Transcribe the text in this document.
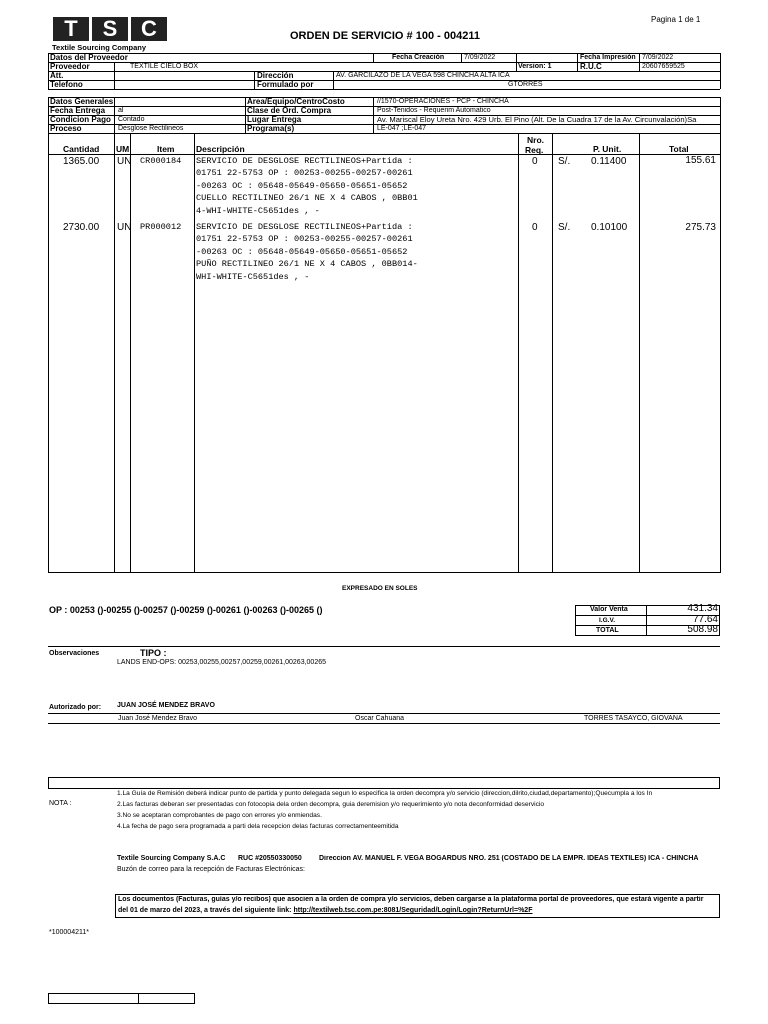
Pagina 1 de 1
T	S	C
Textile Sourcing Company
ORDEN DE SERVICIO # 100 - 004211
Datos del Proveedor	Fecha Creación	7/09/2022	Fecha Impresión 7/09/2022
Proveedor	TEXTILE CIELO BOX	Version: 1	R.U.C	20607659525
Att.	Dirección	AV. GARCILAZO DE LA VEGA 598 CHINCHA ALTA ICA
Telefono	Formulado por	GTORRES
Datos Generales	Area/Equipo/CentroCosto	//1570-OPERACIONES - PCP - CHINCHA
Fecha Entrega al	Clase de Ord. Compra	Post-Tenidos - Requerim Automatico
Condicion Pago Contado	Lugar Entrega	Av. Mariscal Eloy Ureta Nro. 429 Urb. El Pino (Alt. De la Cuadra 17 de la Av. Circunvalación)Sa
Proceso	Desglose Rectilineos	Programa(s)	LE-047 ;LE-047
Cantidad UM	Item	Descripción
Nro.
Req.	P. Unit.	Total
1365.00 UN CR000184 SERVICIO DE DESGLOSE RECTILINEOS+Partida :
01751 22-5753 OP : 00253-00255-00257-00261
-00263 OC : 05648-05649-05650-05651-05652
CUELLO RECTILINEO 26/1 NE X 4 CABOS , 0BB01
4-WHI-WHITE-C5651des , -
0 S/. 0.11400	155.61
2730.00 UN PR000012 SERVICIO DE DESGLOSE RECTILINEOS+Partida :
01751 22-5753 OP : 00253-00255-00257-00261
-00263 OC : 05648-05649-05650-05651-05652
PUÑO RECTILINEO 26/1 NE X 4 CABOS , 0BB014-
WHI-WHITE-C5651des , -
0 S/. 0.10100	275.73
EXPRESADO EN SOLES
OP : 00253 ()-00255 ()-00257 ()-00259 ()-00261 ()-00263 ()-00265 ()	Valor Venta	431.34
I.G.V.	77.64
TOTAL	508.98
Observaciones	TIPO :
LANDS END-OPS: 00253,00255,00257,00259,00261,00263,00265
Autorizado por: JUAN JOSÉ MENDEZ BRAVO
Juan José Mendez Bravo	Oscar Cahuana	TORRES TASAYCO, GIOVANA
NOTA :
1.La Guía de Remisión deberá indicar punto de partida y punto delegada segun lo especifica la orden decompra y/o servicio (direccion,dilrito,ciudad,departamento);Quecumpla a los In
2.Las facturas deberan ser presentadas con fotocopia dela orden decompra, guia deremision y/o requerimiento y/o nota deconformidad deservicio
3.No se aceptaran comprobantes de pago con errores y/o enmiendas.
4.La fecha de pago sera programada a parti dela recepcion delas facturas correctamenteemitida
Textile Sourcing Company S.A.C RUC #20550330050 Direccion AV. MANUEL F. VEGA BOGARDUS NRO. 251 (COSTADO DE LA EMPR. IDEAS TEXTILES) ICA - CHINCHA
Buzón de correo para la recepción de Facturas Electrónicas:
Los documentos (Facturas, guías y/o recibos) que asocien a la orden de compra y/o servicios, deben cargarse a la plataforma portal de proveedores, que estará vigente a partir
del 01 de marzo del 2023, a través del siguiente link: http://textilweb.tsc.com.pe:8081/Seguridad/Login/Login?ReturnUrl=%2F
*100004211*
